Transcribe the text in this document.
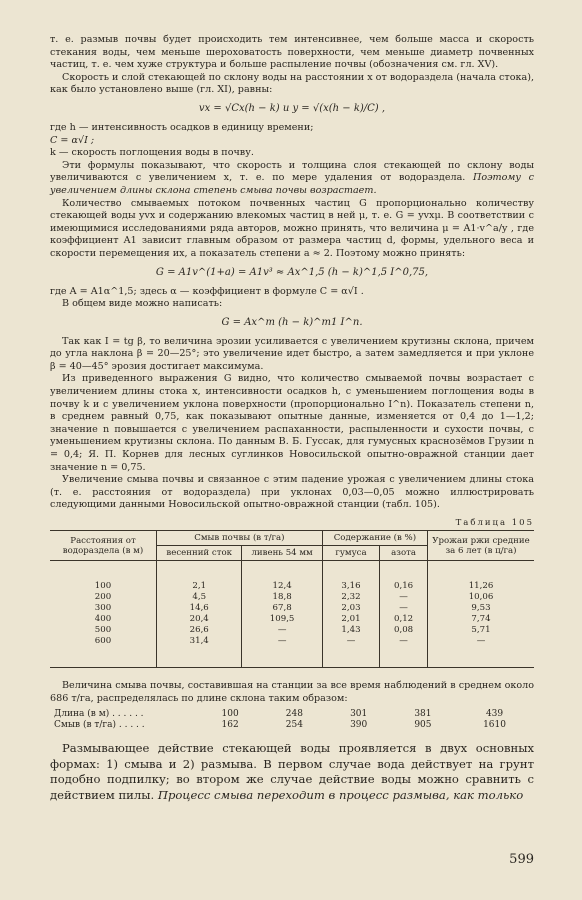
т. е. размыв почвы будет происходить тем интенсивнее, чем больше масса и скорость стекания воды, чем меньше шероховатость поверхности, чем меньше диаметр почвенных частиц, т. е. чем хуже структура и больше распыление почвы (обозначения см. гл. XV).

Скорость и слой стекающей по склону воды на расстоянии x от водораздела (начала стока), как было установлено выше (гл. XI), равны:

vx = √Cx(h − k) и y = √(x(h − k)/C) ,

где h — интенсивность осадков в единицу времени;

C = α√I ;

k — скорость поглощения воды в почву.

Эти формулы показывают, что скорость и толщина слоя стекающей по склону воды увеличиваются с увеличением x, т. е. по мере удаления от водораздела. Поэтому с увеличением длины склона степень смыва почвы возрастает.

Количество смываемых потоком почвенных частиц G пропорционально количеству стекающей воды yvx и содержанию влекомых частиц в ней μ, т. е. G = yvxμ. В соответствии с имеющимися исследованиями ряда авторов, можно принять, что величина μ = A1·v^a/y , где коэффициент A1 зависит главным образом от размера частиц d, формы, удельного веса и скорости перемещения их, а показатель степени a ≈ 2. Поэтому можно принять:

G = A1v^(1+a) = A1v³ ≈ Ax^1,5 (h − k)^1,5 I^0,75,

где A = A1α^1,5; здесь α — коэффициент в формуле C = α√I .

В общем виде можно написать:

G = Ax^m (h − k)^m1 I^n.

Так как I = tg β, то величина эрозии усиливается с увеличением крутизны склона, причем до угла наклона β = 20—25°; это увеличение идет быстро, а затем замедляется и при уклоне β = 40—45° эрозия достигает максимума.

Из приведенного выражения G видно, что количество смываемой почвы возрастает с увеличением длины стока x, интенсивности осадков h, с уменьшением поглощения воды в почву k и с увеличением уклона поверхности (пропорционально I^n). Показатель степени n, в среднем равный 0,75, как показывают опытные данные, изменяется от 0,4 до 1—1,2; значение n повышается с увеличением распаханности, распыленности и сухости почвы, с уменьшением крутизны склона. По данным В. Б. Гуссак, для гумусных краснозёмов Грузии n = 0,4; Я. П. Корнев для лесных суглинков Новосильской опытно-овражной станции дает значение n = 0,75.

Увеличение смыва почвы и связанное с этим падение урожая с увеличением длины стока (т. е. расстояния от водораздела) при уклонах 0,03—0,05 можно иллюстрировать следующими данными Новосильской опытно-овражной станции (табл. 105).

Таблица 105
Расстояния от водораздела (в м)	Смыв почвы (в т/га)		Содержание (в %)		Урожаи ржи средние за 6 лет (в ц/га)
	весенний сток	ливень 54 мм	гумуса	азота	
100	2,1	12,4	3,16	0,16	11,26
200	4,5	18,8	2,32	—	10,06
300	14,6	67,8	2,03	—	9,53
400	20,4	109,5	2,01	0,12	7,74
500	26,6	—	1,43	0,08	5,71
600	31,4	—	—	—	—

Величина смыва почвы, составившая на станции за все время наблюдений в среднем около 686 т/га, распределялась по длине склона таким образом:

Длина (в м) . . . . . .	100	248	301	381	439
Смыв (в т/га) . . . . .	162	254	390	905	1610

Размывающее действие стекающей воды проявляется в двух основных формах: 1) смыва и 2) размыва. В первом случае вода действует на грунт подобно подпилку; во втором же случае действие воды можно сравнить с действием пилы. Процесс смыва переходит в процесс размыва, как только

599
